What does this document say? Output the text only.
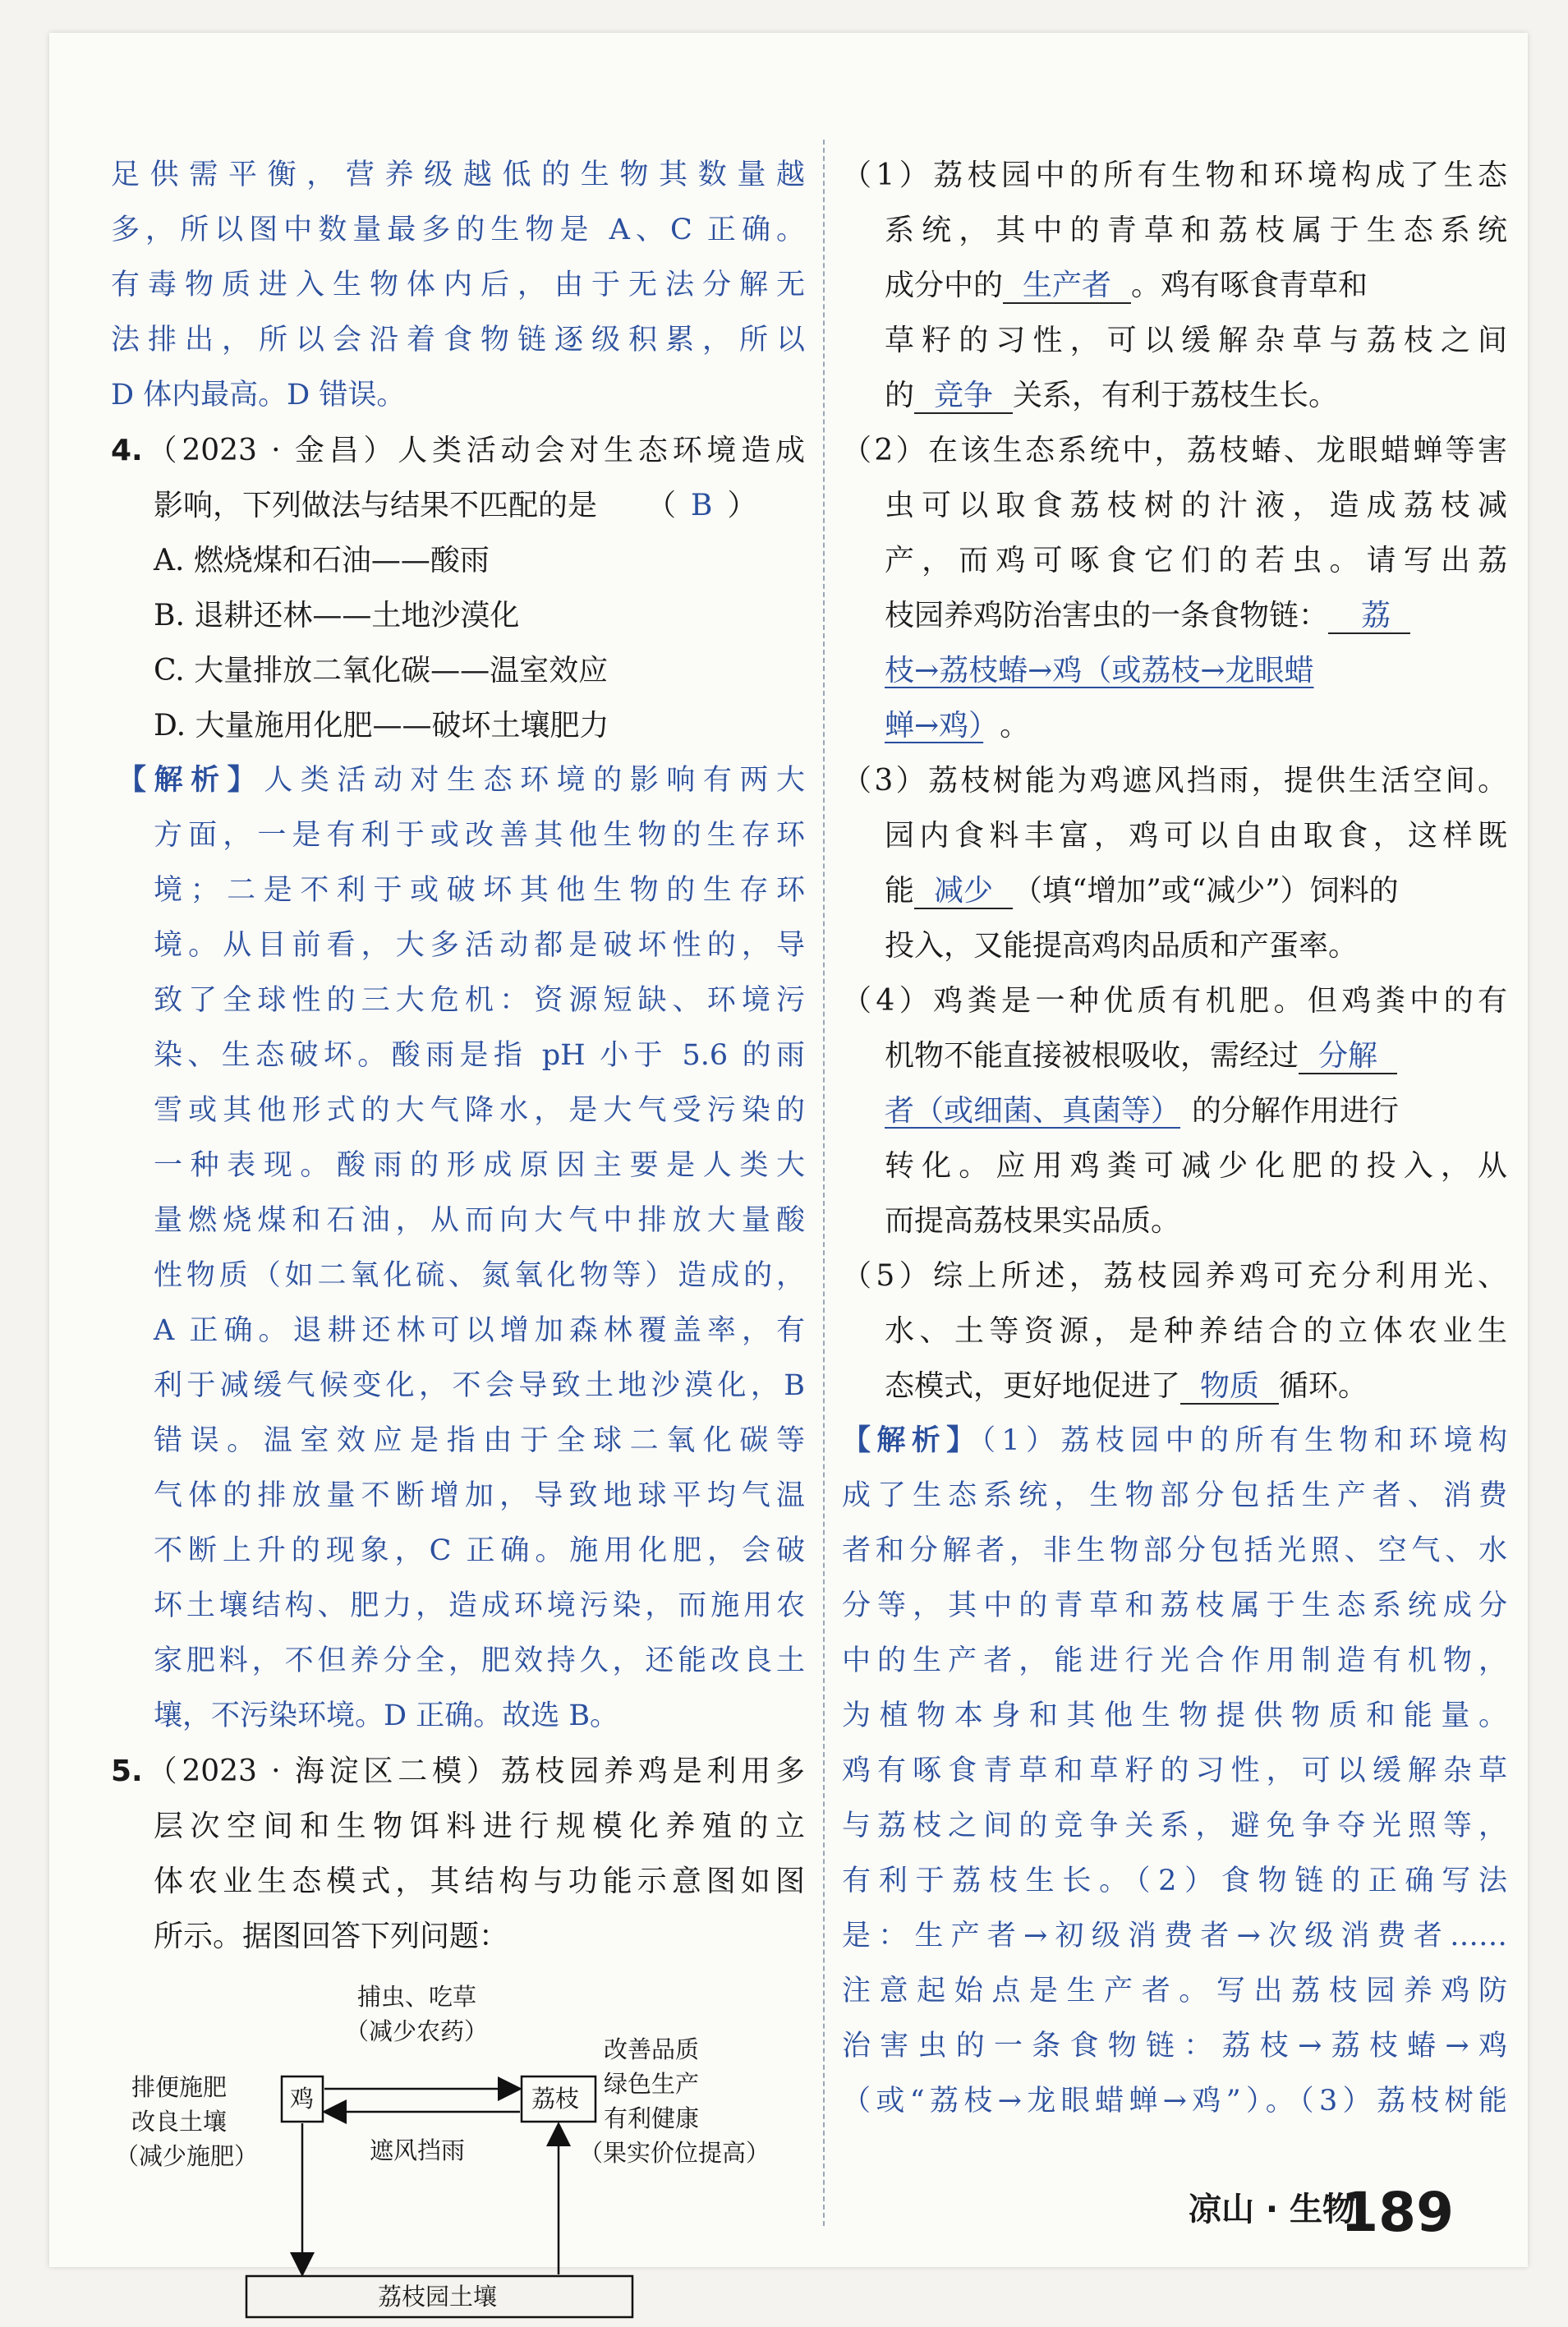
足供需平衡，营养级越低的生物其数量越
多，所以图中数量最多的生物是 A、C 正确。
有毒物质进入生物体内后，由于无法分解无
法排出，所以会沿着食物链逐级积累，所以
D 体内最高。D 错误。
4.（2023 · 金昌）人类活动会对生态环境造成
影响，下列做法与结果不匹配的是 （ B ）
A. 燃烧煤和石油——酸雨
B. 退耕还林——土地沙漠化
C. 大量排放二氧化碳——温室效应
D. 大量施用化肥——破坏土壤肥力
【解析】人类活动对生态环境的影响有两大
方面，一是有利于或改善其他生物的生存环
境；二是不利于或破坏其他生物的生存环
境。从目前看，大多活动都是破坏性的，导
致了全球性的三大危机：资源短缺、环境污
染、生态破坏。酸雨是指 pH 小于 5.6 的雨
雪或其他形式的大气降水，是大气受污染的
一种表现。酸雨的形成原因主要是人类大
量燃烧煤和石油，从而向大气中排放大量酸
性物质（如二氧化硫、氮氧化物等）造成的，
A 正确。退耕还林可以增加森林覆盖率，有
利于减缓气候变化，不会导致土地沙漠化，B
错误。温室效应是指由于全球二氧化碳等
气体的排放量不断增加，导致地球平均气温
不断上升的现象，C 正确。施用化肥，会破
坏土壤结构、肥力，造成环境污染，而施用农
家肥料，不但养分全，肥效持久，还能改良土
壤，不污染环境。D 正确。故选 B。
5.（2023 · 海淀区二模）荔枝园养鸡是利用多
层次空间和生物饵料进行规模化养殖的立
体农业生态模式，其结构与功能示意图如图
所示。据图回答下列问题：
捕虫、吃草
（减少农药）
鸡	荔枝
遮风挡雨
排便施肥
改良土壤
（减少施肥）
改善品质
绿色生产
有利健康
（果实价位提高）
荔枝园土壤
（1）荔枝园中的所有生物和环境构成了生态
系统，其中的青草和荔枝属于生态系统
成分中的 生产者 。鸡有啄食青草和
草籽的习性，可以缓解杂草与荔枝之间
的 竞争 关系，有利于荔枝生长。
（2）在该生态系统中，荔枝蝽、龙眼蜡蝉等害
虫可以取食荔枝树的汁液，造成荔枝减
产，而鸡可啄食它们的若虫。请写出荔
枝园养鸡防治害虫的一条食物链： 荔
枝→荔枝蝽→鸡（或荔枝→龙眼蜡
蝉→鸡） 。
（3）荔枝树能为鸡遮风挡雨，提供生活空间。
园内食料丰富，鸡可以自由取食，这样既
能 减少 （填“增加”或“减少”）饲料的
投入，又能提高鸡肉品质和产蛋率。
（4）鸡粪是一种优质有机肥。但鸡粪中的有
机物不能直接被根吸收，需经过 分解
者（或细菌、真菌等） 的分解作用进行
转化。应用鸡粪可减少化肥的投入，从
而提高荔枝果实品质。
（5）综上所述，荔枝园养鸡可充分利用光、
水、土等资源，是种养结合的立体农业生
态模式，更好地促进了 物质 循环。
【解析】（1）荔枝园中的所有生物和环境构
成了生态系统，生物部分包括生产者、消费
者和分解者，非生物部分包括光照、空气、水
分等，其中的青草和荔枝属于生态系统成分
中的生产者，能进行光合作用制造有机物，
为植物本身和其他生物提供物质和能量。
鸡有啄食青草和草籽的习性，可以缓解杂草
与荔枝之间的竞争关系，避免争夺光照等，
有利于荔枝生长。（2）食物链的正确写法
是：生产者→初级消费者→次级消费者……
注意起始点是生产者。写出荔枝园养鸡防
治害虫的一条食物链：荔枝→荔枝蝽→鸡
（或“荔枝→龙眼蜡蝉→鸡”）。（3）荔枝树能
凉山 · 生物
189
